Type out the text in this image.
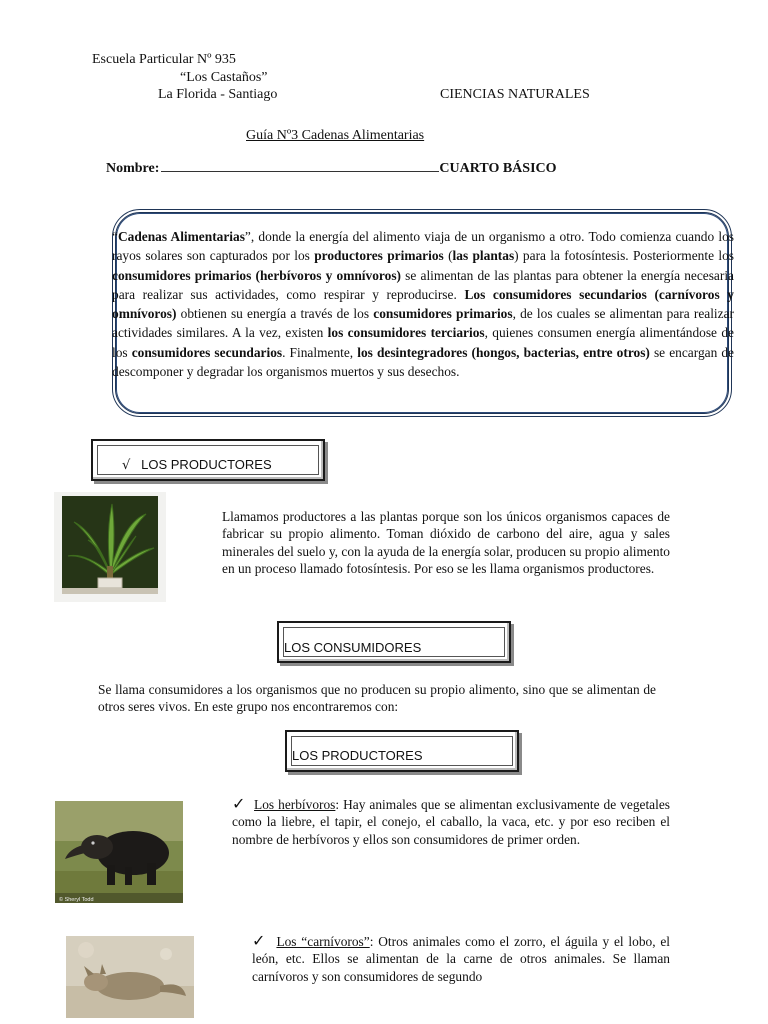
Escuela Particular Nº 935
“Los Castaños”
La Florida - Santiago	CIENCIAS NATURALES
Guía Nº3 Cadenas Alimentarias
Nombre:	CUARTO BÁSICO
“Cadenas Alimentarias”, donde la energía del alimento viaja de un organismo a otro. Todo comienza cuando los rayos solares son capturados por los productores primarios (las plantas) para la fotosíntesis. Posteriormente los consumidores primarios (herbívoros y omnívoros) se alimentan de las plantas para obtener la energía necesaria para realizar sus actividades, como respirar y reproducirse. Los consumidores secundarios (carnívoros y omnívoros) obtienen su energía a través de los consumidores primarios, de los cuales se alimentan para realizar actividades similares. A la vez, existen los consumidores terciarios, quienes consumen energía alimentándose de los consumidores secundarios. Finalmente, los desintegradores (hongos, bacterias, entre otros) se encargan de descomponer y degradar los organismos muertos y sus desechos.
√ LOS PRODUCTORES
Llamamos productores a las plantas porque son los únicos organismos capaces de fabricar su propio alimento. Toman dióxido de carbono del aire, agua y sales minerales del suelo y, con la ayuda de la energía solar, producen su propio alimento en un proceso llamado fotosíntesis. Por eso se les llama organismos productores.
LOS CONSUMIDORES
Se llama consumidores a los organismos que no producen su propio alimento, sino que se alimentan de otros seres vivos. En este grupo nos encontraremos con:
LOS PRODUCTORES
© Sheryl Todd
✓ Los herbívoros: Hay animales que se alimentan exclusivamente de vegetales como la liebre, el tapir, el conejo, el caballo, la vaca, etc. y por eso reciben el nombre de herbívoros y ellos son consumidores de primer orden.
✓ Los “carnívoros”: Otros animales como el zorro, el águila y el lobo, el león, etc. Ellos se alimentan de la carne de otros animales. Se llaman carnívoros y son consumidores de segundo
